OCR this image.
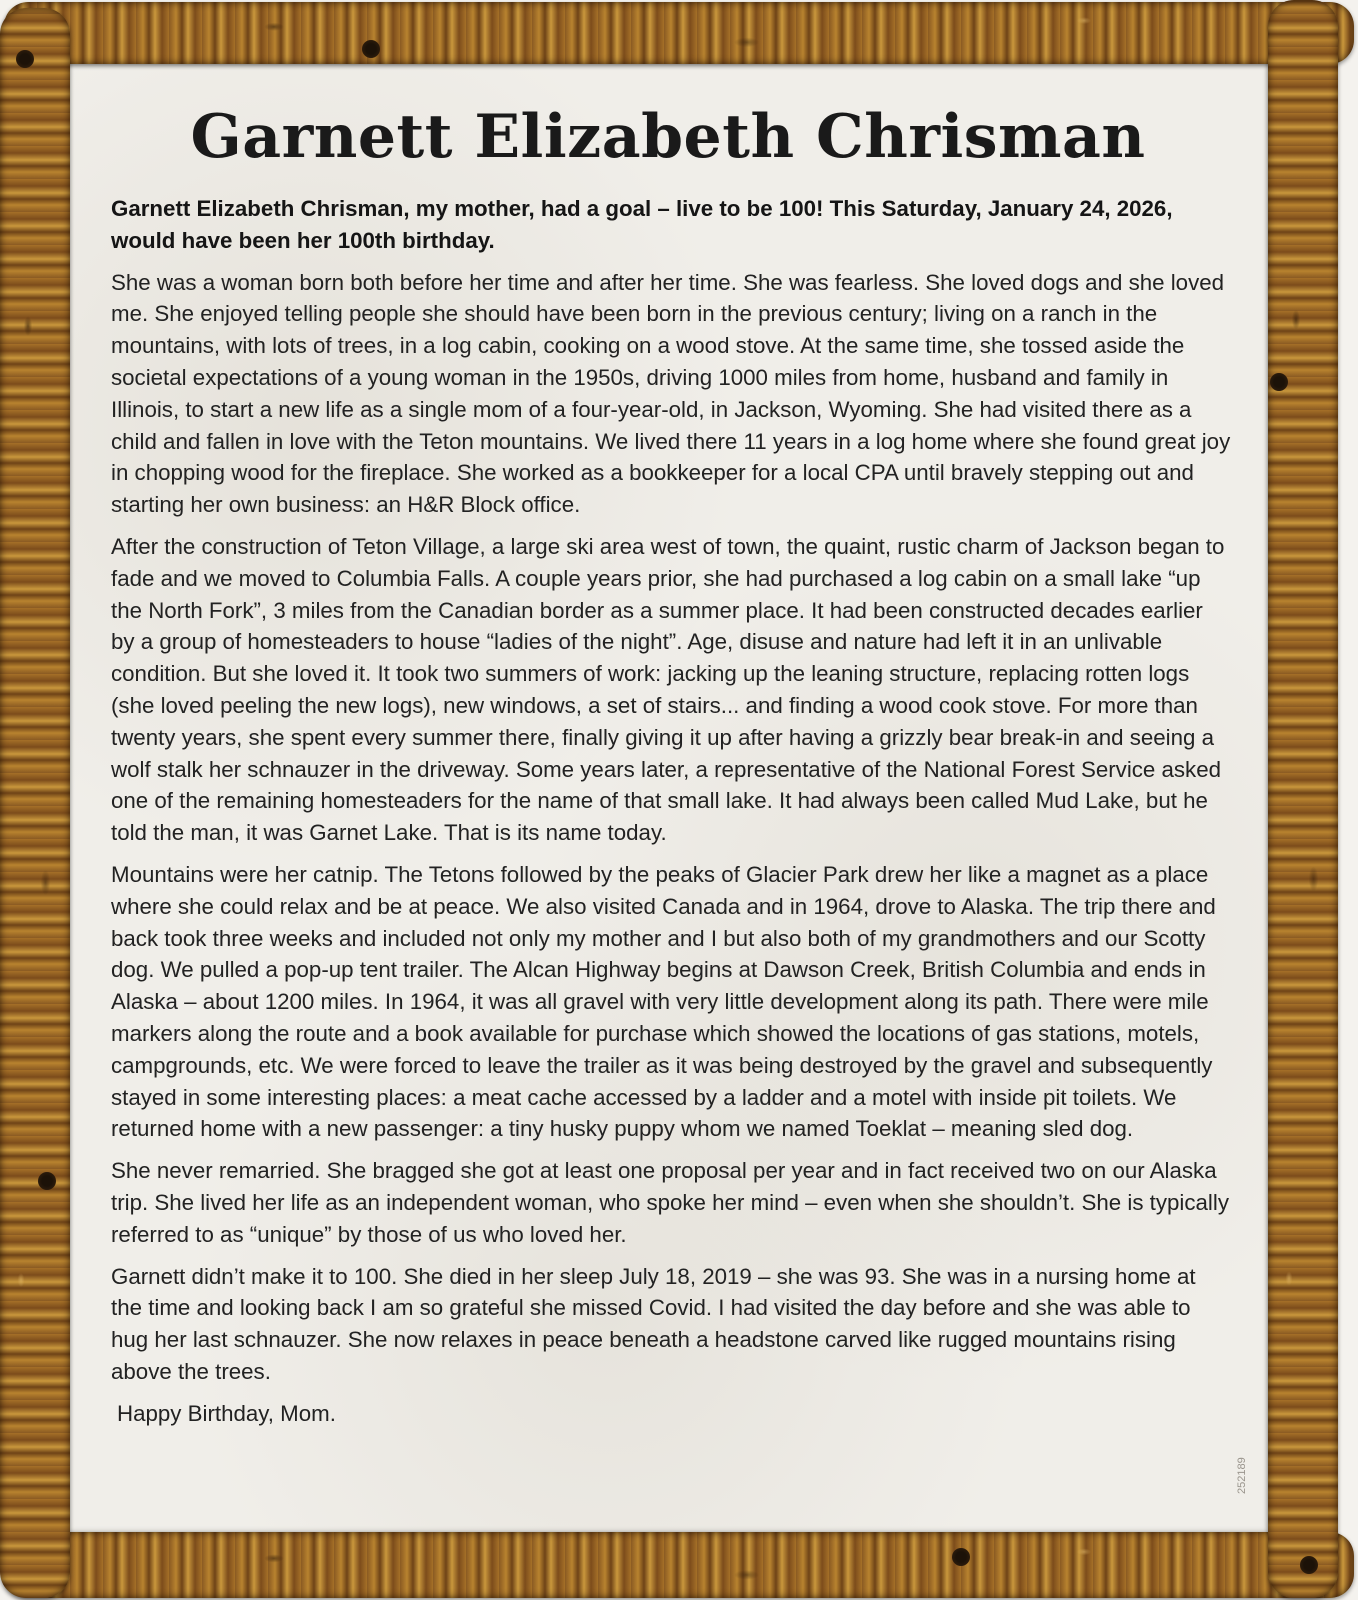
Garnett Elizabeth Chrisman

Garnett Elizabeth Chrisman, my mother, had a goal – live to be 100! This Saturday, January 24, 2026, would have been her 100th birthday.

She was a woman born both before her time and after her time. She was fearless. She loved dogs and she loved me. She enjoyed telling people she should have been born in the previous century; living on a ranch in the mountains, with lots of trees, in a log cabin, cooking on a wood stove. At the same time, she tossed aside the societal expectations of a young woman in the 1950s, driving 1000 miles from home, husband and family in Illinois, to start a new life as a single mom of a four-year-old, in Jackson, Wyoming. She had visited there as a child and fallen in love with the Teton mountains. We lived there 11 years in a log home where she found great joy in chopping wood for the fireplace. She worked as a bookkeeper for a local CPA until bravely stepping out and starting her own business: an H&R Block office.

After the construction of Teton Village, a large ski area west of town, the quaint, rustic charm of Jackson began to fade and we moved to Columbia Falls. A couple years prior, she had purchased a log cabin on a small lake “up the North Fork”, 3 miles from the Canadian border as a summer place. It had been constructed decades earlier by a group of homesteaders to house “ladies of the night”. Age, disuse and nature had left it in an unlivable condition. But she loved it. It took two summers of work: jacking up the leaning structure, replacing rotten logs (she loved peeling the new logs), new windows, a set of stairs... and finding a wood cook stove. For more than twenty years, she spent every summer there, finally giving it up after having a grizzly bear break-in and seeing a wolf stalk her schnauzer in the driveway. Some years later, a representative of the National Forest Service asked one of the remaining homesteaders for the name of that small lake. It had always been called Mud Lake, but he told the man, it was Garnet Lake. That is its name today.

Mountains were her catnip. The Tetons followed by the peaks of Glacier Park drew her like a magnet as a place where she could relax and be at peace. We also visited Canada and in 1964, drove to Alaska. The trip there and back took three weeks and included not only my mother and I but also both of my grandmothers and our Scotty dog. We pulled a pop-up tent trailer. The Alcan Highway begins at Dawson Creek, British Columbia and ends in Alaska – about 1200 miles. In 1964, it was all gravel with very little development along its path. There were mile markers along the route and a book available for purchase which showed the locations of gas stations, motels, campgrounds, etc. We were forced to leave the trailer as it was being destroyed by the gravel and subsequently stayed in some interesting places: a meat cache accessed by a ladder and a motel with inside pit toilets. We returned home with a new passenger: a tiny husky puppy whom we named Toeklat – meaning sled dog.

She never remarried. She bragged she got at least one proposal per year and in fact received two on our Alaska trip. She lived her life as an independent woman, who spoke her mind – even when she shouldn’t. She is typically referred to as “unique” by those of us who loved her.

Garnett didn’t make it to 100. She died in her sleep July 18, 2019 – she was 93. She was in a nursing home at the time and looking back I am so grateful she missed Covid. I had visited the day before and she was able to hug her last schnauzer. She now relaxes in peace beneath a headstone carved like rugged mountains rising above the trees.

Happy Birthday, Mom.

252189
